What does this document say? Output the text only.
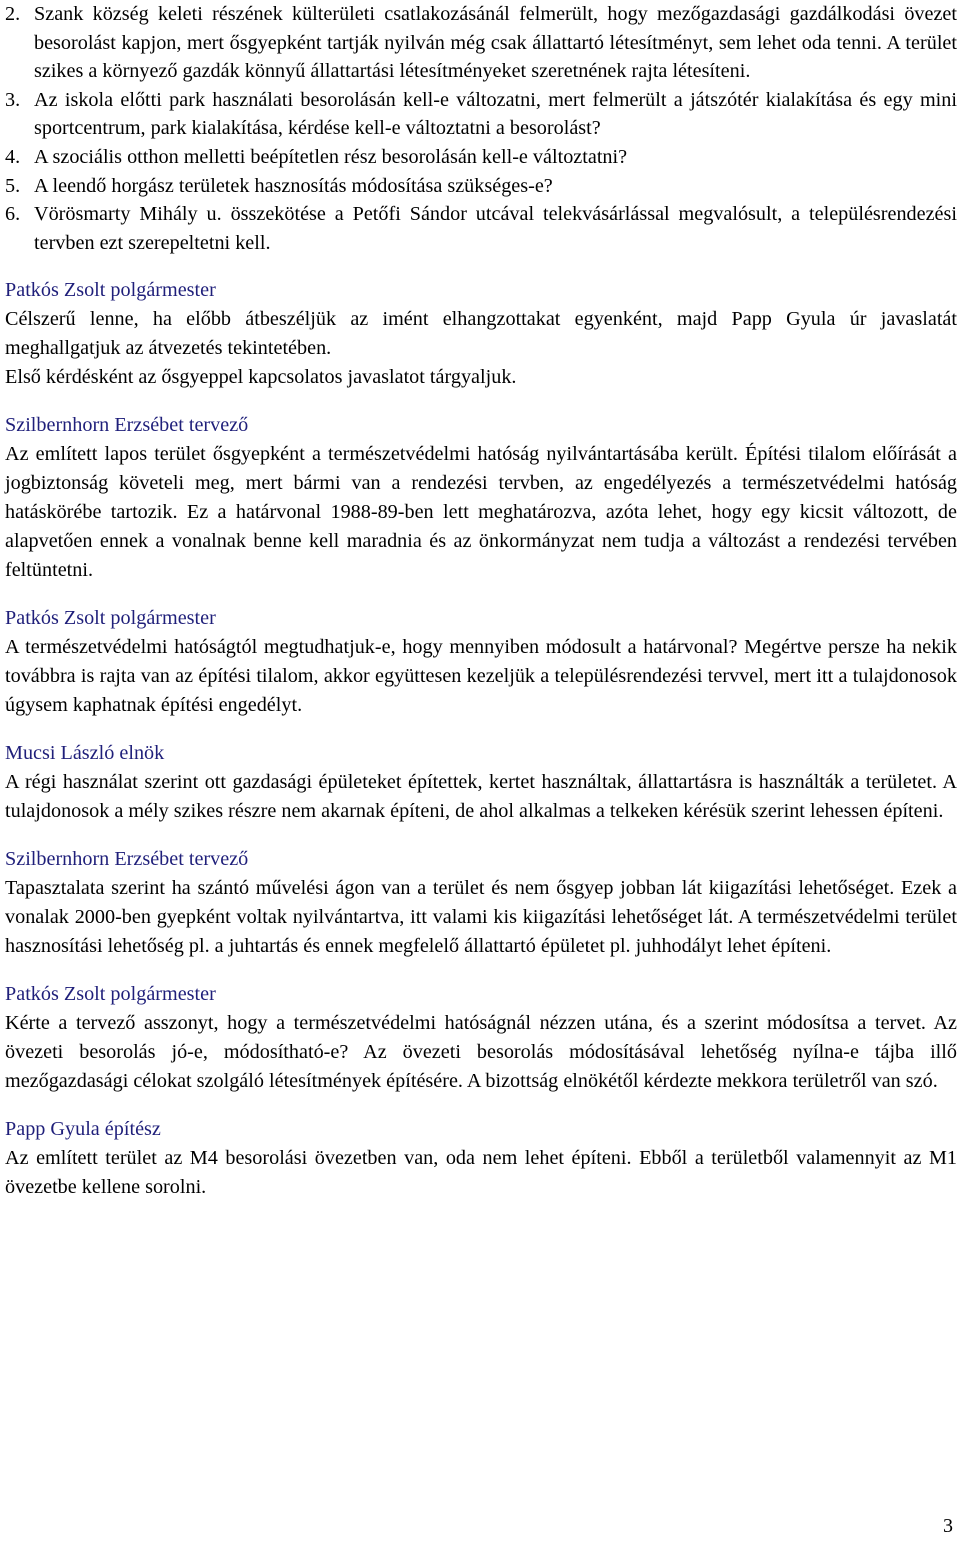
2. Szank község keleti részének külterületi csatlakozásánál felmerült, hogy mezőgazdasági gazdálkodási övezet besorolást kapjon, mert ősgyepként tartják nyilván még csak állattartó létesítményt, sem lehet oda tenni. A terület szikes a környező gazdák könnyű állattartási létesítményeket szeretnének rajta létesíteni.
3. Az iskola előtti park használati besorolásán kell-e változatni, mert felmerült a játszótér kialakítása és egy mini sportcentrum, park kialakítása, kérdése kell-e változtatni a besorolást?
4. A szociális otthon melletti beépítetlen rész besorolásán kell-e változtatni?
5. A leendő horgász területek hasznosítás módosítása szükséges-e?
6. Vörösmarty Mihály u. összekötése a Petőfi Sándor utcával telekvásárlással megvalósult, a településrendezési tervben ezt szerepeltetni kell.
Patkós Zsolt polgármester

Célszerű lenne, ha előbb átbeszéljük az imént elhangzottakat egyenként, majd Papp Gyula úr javaslatát meghallgatjuk az átvezetés tekintetében.

Első kérdésként az ősgyeppel kapcsolatos javaslatot tárgyaljuk.

Szilbernhorn Erzsébet tervező

Az említett lapos terület ősgyepként a természetvédelmi hatóság nyilvántartásába került. Építési tilalom előírását a jogbiztonság követeli meg, mert bármi van a rendezési tervben, az engedélyezés a természetvédelmi hatóság hatáskörébe tartozik. Ez a határvonal 1988-89-ben lett meghatározva, azóta lehet, hogy egy kicsit változott, de alapvetően ennek a vonalnak benne kell maradnia és az önkormányzat nem tudja a változást a rendezési tervében feltüntetni.

Patkós Zsolt polgármester

A természetvédelmi hatóságtól megtudhatjuk-e, hogy mennyiben módosult a határvonal? Megértve persze ha nekik továbbra is rajta van az építési tilalom, akkor együttesen kezeljük a településrendezési tervvel, mert itt a tulajdonosok úgysem kaphatnak építési engedélyt.

Mucsi László elnök

A régi használat szerint ott gazdasági épületeket építettek, kertet használtak, állattartásra is használták a területet. A tulajdonosok a mély szikes részre nem akarnak építeni, de ahol alkalmas a telkeken kérésük szerint lehessen építeni.

Szilbernhorn Erzsébet tervező

Tapasztalata szerint ha szántó művelési ágon van a terület és nem ősgyep jobban lát kiigazítási lehetőséget. Ezek a vonalak 2000-ben gyepként voltak nyilvántartva, itt valami kis kiigazítási lehetőséget lát. A természetvédelmi terület hasznosítási lehetőség pl. a juhtartás és ennek megfelelő állattartó épületet pl. juhhodályt lehet építeni.

Patkós Zsolt polgármester

Kérte a tervező asszonyt, hogy a természetvédelmi hatóságnál nézzen utána, és a szerint módosítsa a tervet. Az övezeti besorolás jó-e, módosítható-e? Az övezeti besorolás módosításával lehetőség nyílna-e tájba illő mezőgazdasági célokat szolgáló létesítmények építésére. A bizottság elnökétől kérdezte mekkora területről van szó.

Papp Gyula építész

Az említett terület az M4 besorolási övezetben van, oda nem lehet építeni. Ebből a területből valamennyit az M1 övezetbe kellene sorolni.

3
